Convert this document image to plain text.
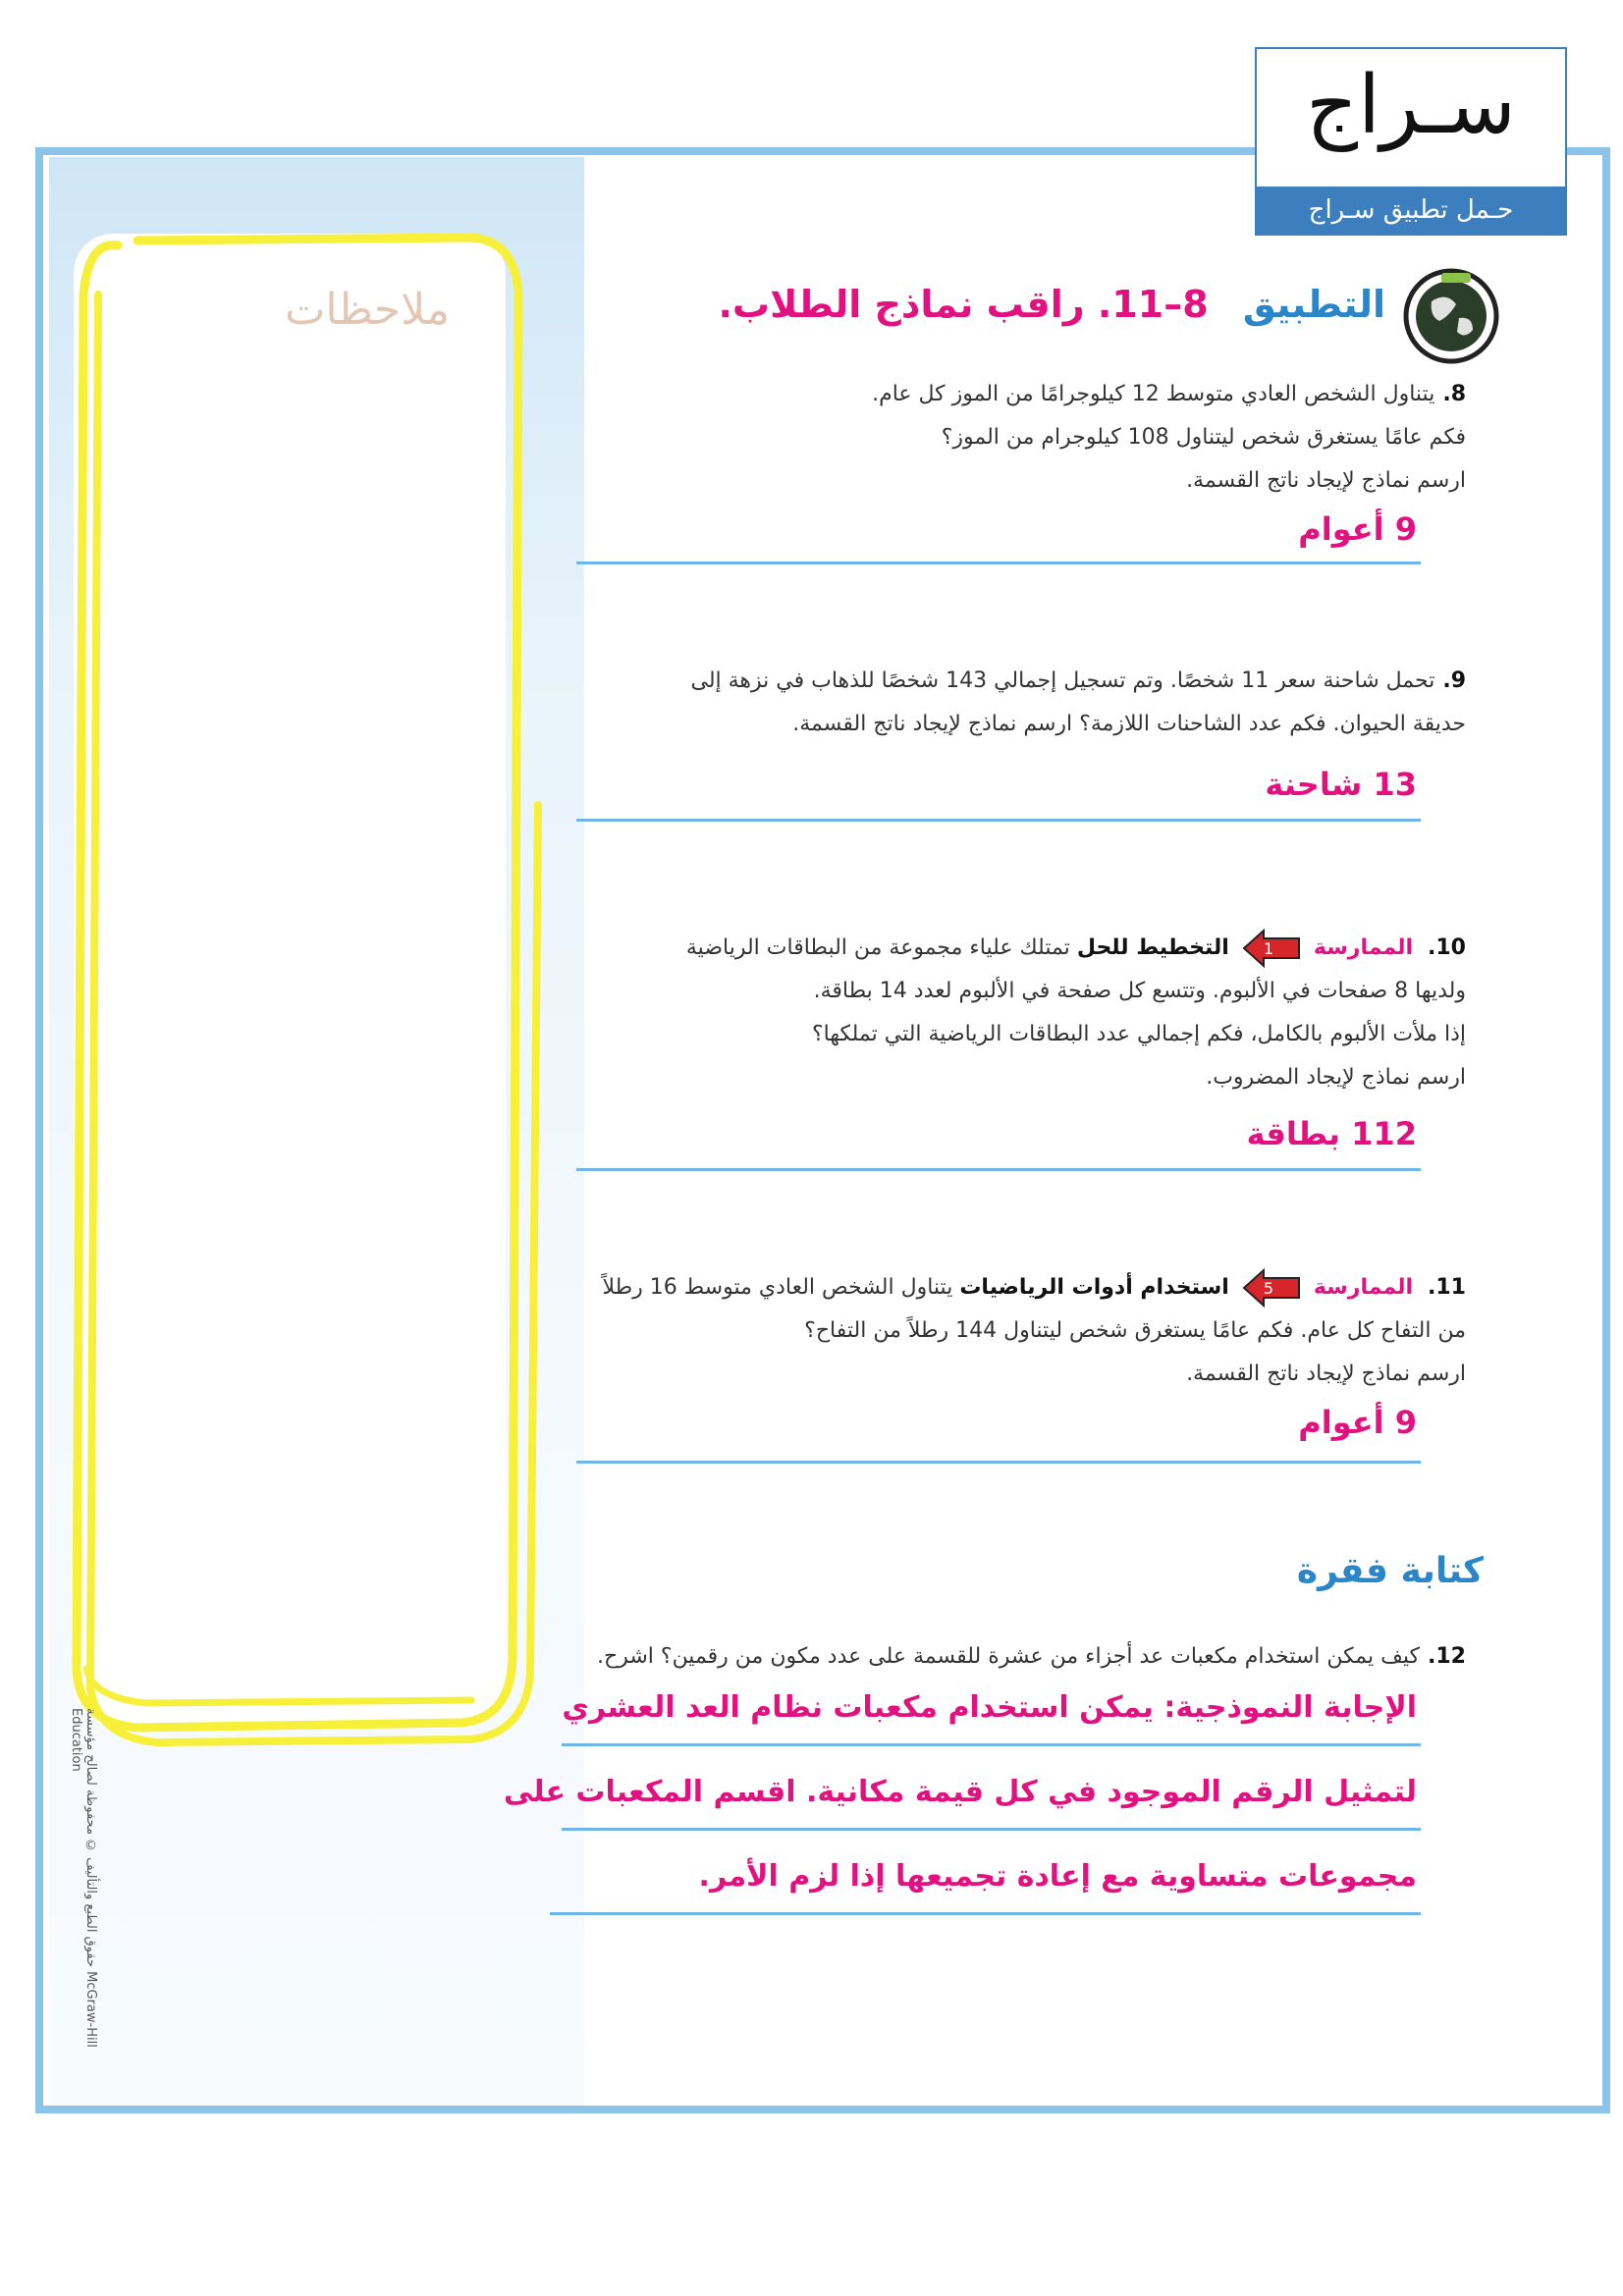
ملاحظات
حقوق الطبع والتأليف © محفوظة لصالح مؤسسة McGraw-Hill Education
سـراج
حـمل تطبيق سـراج
التطبيق 8–11. راقب نماذج الطلاب.
8.يتناول الشخص العادي متوسط 12 كيلوجرامًا من الموز كل عام.
فكم عامًا يستغرق شخص ليتناول 108 كيلوجرام من الموز؟
ارسم نماذج لإيجاد ناتج القسمة.
9 أعوام
9.تحمل شاحنة سعر 11 شخصًا. وتم تسجيل إجمالي 143 شخصًا للذهاب في نزهة إلى
حديقة الحيوان. فكم عدد الشاحنات اللازمة؟ ارسم نماذج لإيجاد ناتج القسمة.
13 شاحنة
10. الممارسة
1
التخطيط للحل تمتلك علياء مجموعة من البطاقات الرياضية
ولديها 8 صفحات في الألبوم. وتتسع كل صفحة في الألبوم لعدد 14 بطاقة.
إذا ملأت الألبوم بالكامل، فكم إجمالي عدد البطاقات الرياضية التي تملكها؟
ارسم نماذج لإيجاد المضروب.
112 بطاقة
11. الممارسة
5
استخدام أدوات الرياضيات يتناول الشخص العادي متوسط 16 رطلاً
من التفاح كل عام. فكم عامًا يستغرق شخص ليتناول 144 رطلاً من التفاح؟
ارسم نماذج لإيجاد ناتج القسمة.
9 أعوام
كتابة فقرة
12.كيف يمكن استخدام مكعبات عد أجزاء من عشرة للقسمة على عدد مكون من رقمين؟ اشرح.
الإجابة النموذجية: يمكن استخدام مكعبات نظام العد العشري
لتمثيل الرقم الموجود في كل قيمة مكانية. اقسم المكعبات على
مجموعات متساوية مع إعادة تجميعها إذا لزم الأمر.
